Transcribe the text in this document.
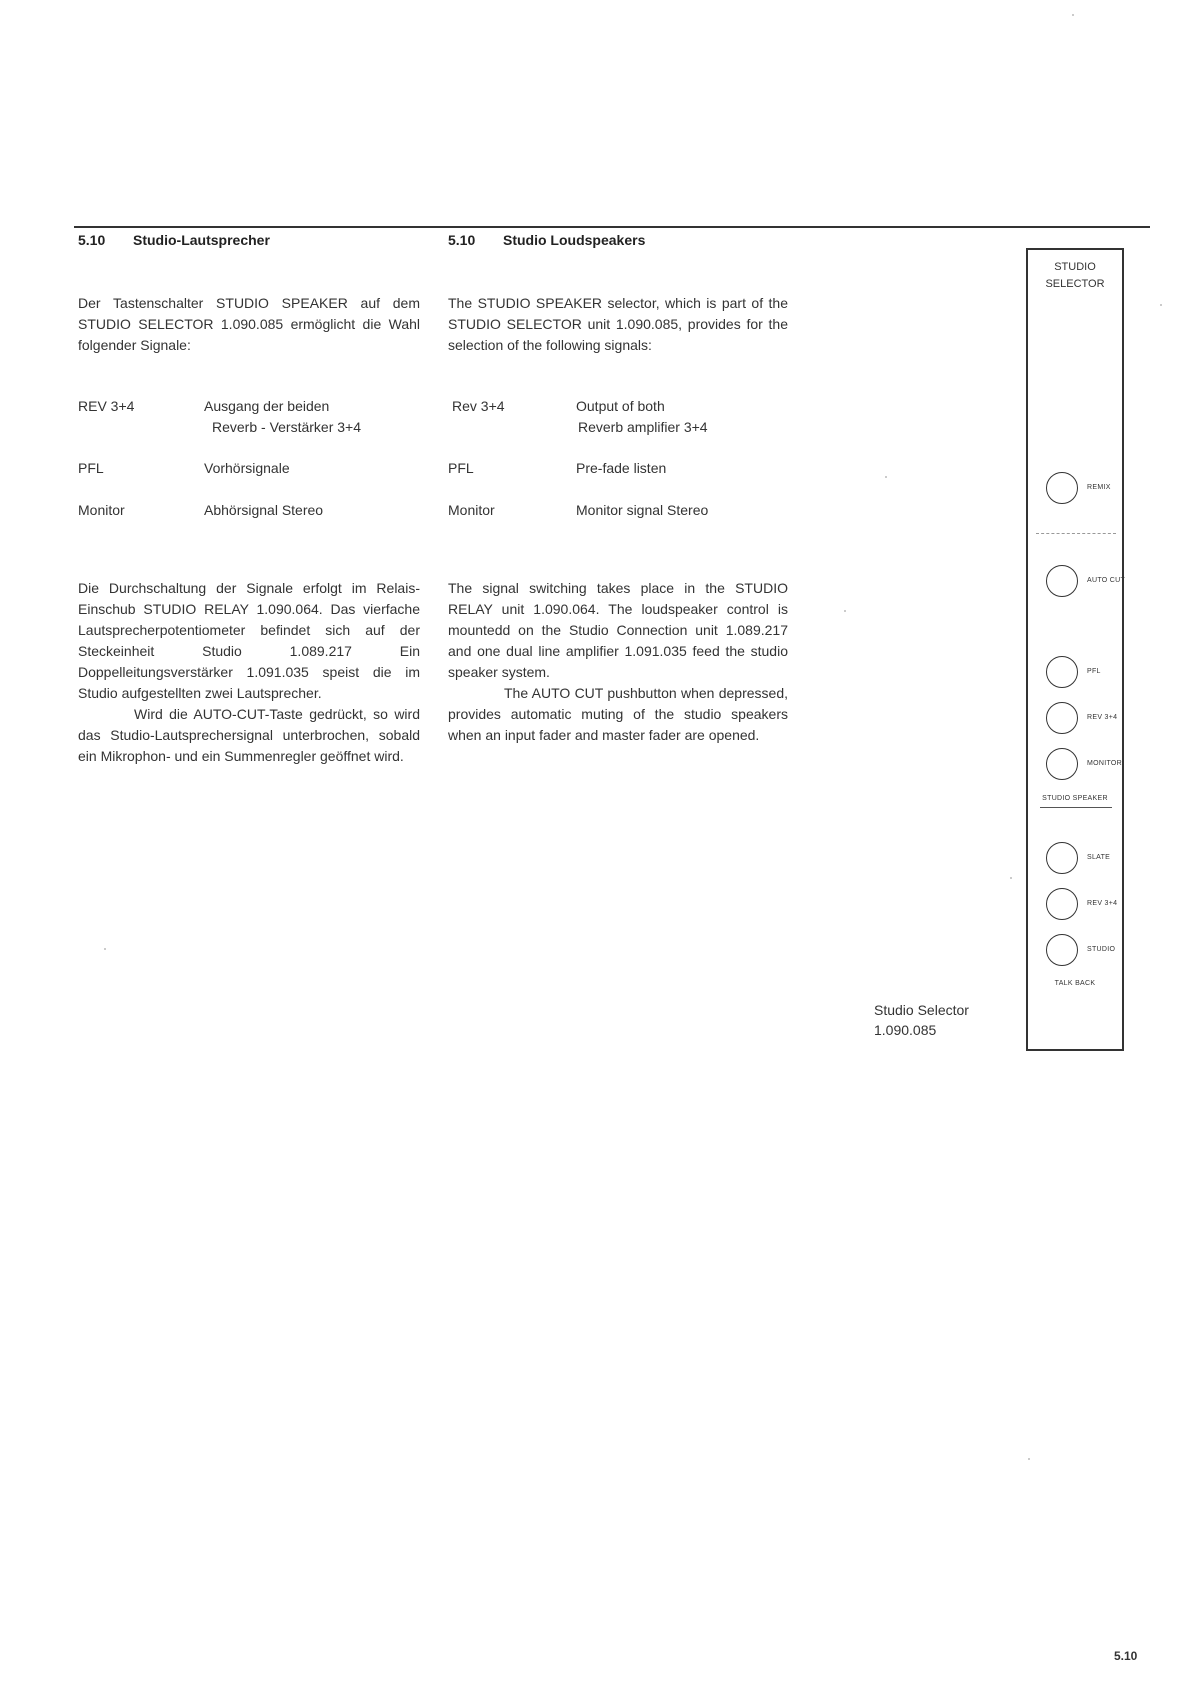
5.10 Studio-Lautsprecher

Der Tastenschalter STUDIO SPEAKER auf dem STUDIO SELECTOR 1.090.085 ermöglicht die Wahl folgender Signale:

REV 3+4	Ausgang der beiden
Reverb - Verstärker 3+4
PFL	Vorhörsignale
Monitor	Abhörsignal Stereo

Die Durchschaltung der Signale erfolgt im Relais-Einschub STUDIO RELAY 1.090.064. Das vierfache Lautsprecherpotentiometer befindet sich auf der Steckeinheit Studio 1.089.217 Ein Doppelleitungsverstärker 1.091.035 speist die im Studio aufgestellten zwei Lautsprecher.

Wird die AUTO-CUT-Taste gedrückt, so wird das Studio-Lautsprechersignal unterbrochen, sobald ein Mikrophon- und ein Summenregler geöffnet wird.

5.10 Studio Loudspeakers

The STUDIO SPEAKER selector, which is part of the STUDIO SELECTOR unit 1.090.085, provides for the selection of the following signals:

Rev 3+4	Output of both
Reverb amplifier 3+4
PFL	Pre-fade listen
Monitor	Monitor signal Stereo

The signal switching takes place in the STUDIO RELAY unit 1.090.064. The loudspeaker control is mountedd on the Studio Connection unit 1.089.217 and one dual line amplifier 1.091.035 feed the studio speaker system.

The AUTO CUT pushbutton when depressed, provides automatic muting of the studio speakers when an input fader and master fader are opened.

STUDIO
SELECTOR
REMIX
AUTO CUT
PFL
REV 3+4
MONITOR
STUDIO SPEAKER
SLATE
REV 3+4
STUDIO
TALK BACK
Studio Selector
1.090.085
5.10
